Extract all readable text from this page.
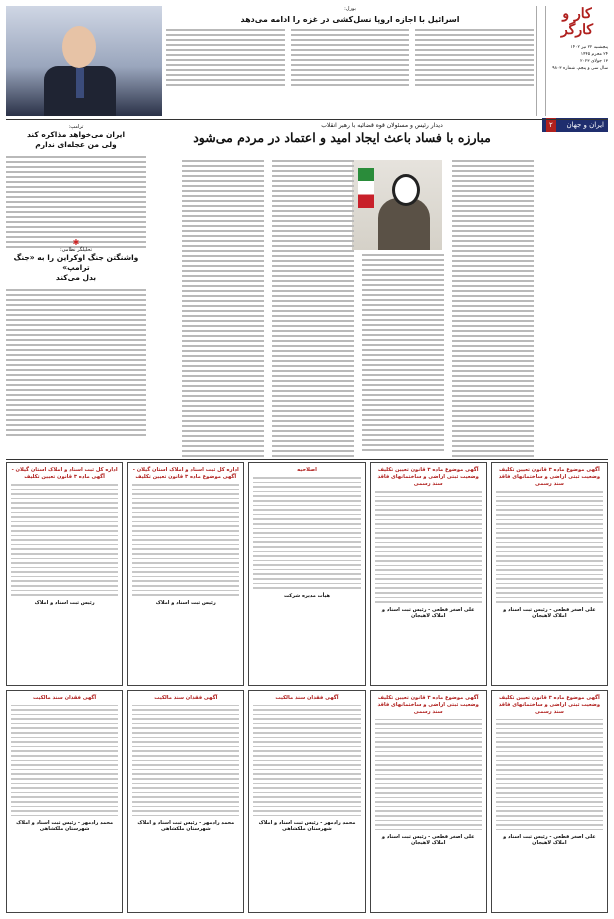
کار و کارگر
پنجشنبه ۲۲ تیر ۱۴۰۲
۲۴ محرم ۱۴۴۵
۱۳ جولای ۲۰۲۳
سال سی و پنجم، شماره ۹۸۰۳
ایران و جهان
۲
بورل:
اسرائیل با اجازه اروپا نسل‌کشی در غزه را ادامه می‌دهد
دیدار رئیس و مسئولان قوه قضائیه با رهبر انقلاب
مبارزه با فساد باعث ایجاد امید و اعتماد در مردم می‌شود
ترامپ:
ایران می‌خواهد مذاکره کند
ولی من عجله‌ای ندارم
✱
تحلیلگر نظامی:
واشنگتن جنگ اوکراین را به «جنگ ترامپ»
بدل می‌کند
آگهی موضوع ماده ۳ قانون تعیین تکلیف وضعیت ثبتی اراضی و ساختمانهای فاقد سند رسمی
علی اصغر قطعی - رئیس ثبت اسناد و املاک لاهیجان
آگهی موضوع ماده ۳ قانون تعیین تکلیف وضعیت ثبتی اراضی و ساختمانهای فاقد سند رسمی
علی اصغر قطعی - رئیس ثبت اسناد و املاک لاهیجان
اصلاحیه
هیأت مدیره شرکت
اداره کل ثبت اسناد و املاک استان گیلان - آگهی موضوع ماده ۳ قانون تعیین تکلیف
رئیس ثبت اسناد و املاک
اداره کل ثبت اسناد و املاک استان گیلان - آگهی ماده ۳ قانون تعیین تکلیف
رئیس ثبت اسناد و املاک
آگهی موضوع ماده ۳ قانون تعیین تکلیف وضعیت ثبتی اراضی و ساختمانهای فاقد سند رسمی
علی اصغر قطعی - رئیس ثبت اسناد و املاک لاهیجان
آگهی موضوع ماده ۳ قانون تعیین تکلیف وضعیت ثبتی اراضی و ساختمانهای فاقد سند رسمی
علی اصغر قطعی - رئیس ثبت اسناد و املاک لاهیجان
آگهی فقدان سند مالکیت
محمد رادمهر - رئیس ثبت اسناد و املاک شهرستان ملکشاهی
آگهی فقدان سند مالکیت
محمد رادمهر - رئیس ثبت اسناد و املاک شهرستان ملکشاهی
آگهی فقدان سند مالکیت
محمد رادمهر - رئیس ثبت اسناد و املاک شهرستان ملکشاهی
